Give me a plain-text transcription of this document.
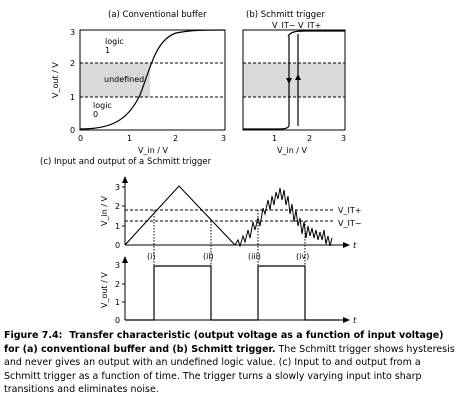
(a) Conventional buffer
logic 1
undefined
logic 0
0
1
2
3
0	1	2	3
V_out / V
V_in / V
(b) Schmitt trigger
V_IT− V_IT+
1	2	3
V_in / V
(c) Input and output of a Schmitt trigger
t
V_IT+
V_IT−
0
1
2
3
V_in / V
(i)	(ii)	(iii)	(iv)
t
0
1
2
3
V_out / V

Figure 7.4: Transfer characteristic (output voltage as a function of input voltage) for (a) conventional buffer and (b) Schmitt trigger. The Schmitt trigger shows hysteresis and never gives an output with an undefined logic value. (c) Input to and output from a Schmitt trigger as a function of time. The trigger turns a slowly varying input into sharp transitions and eliminates noise.
